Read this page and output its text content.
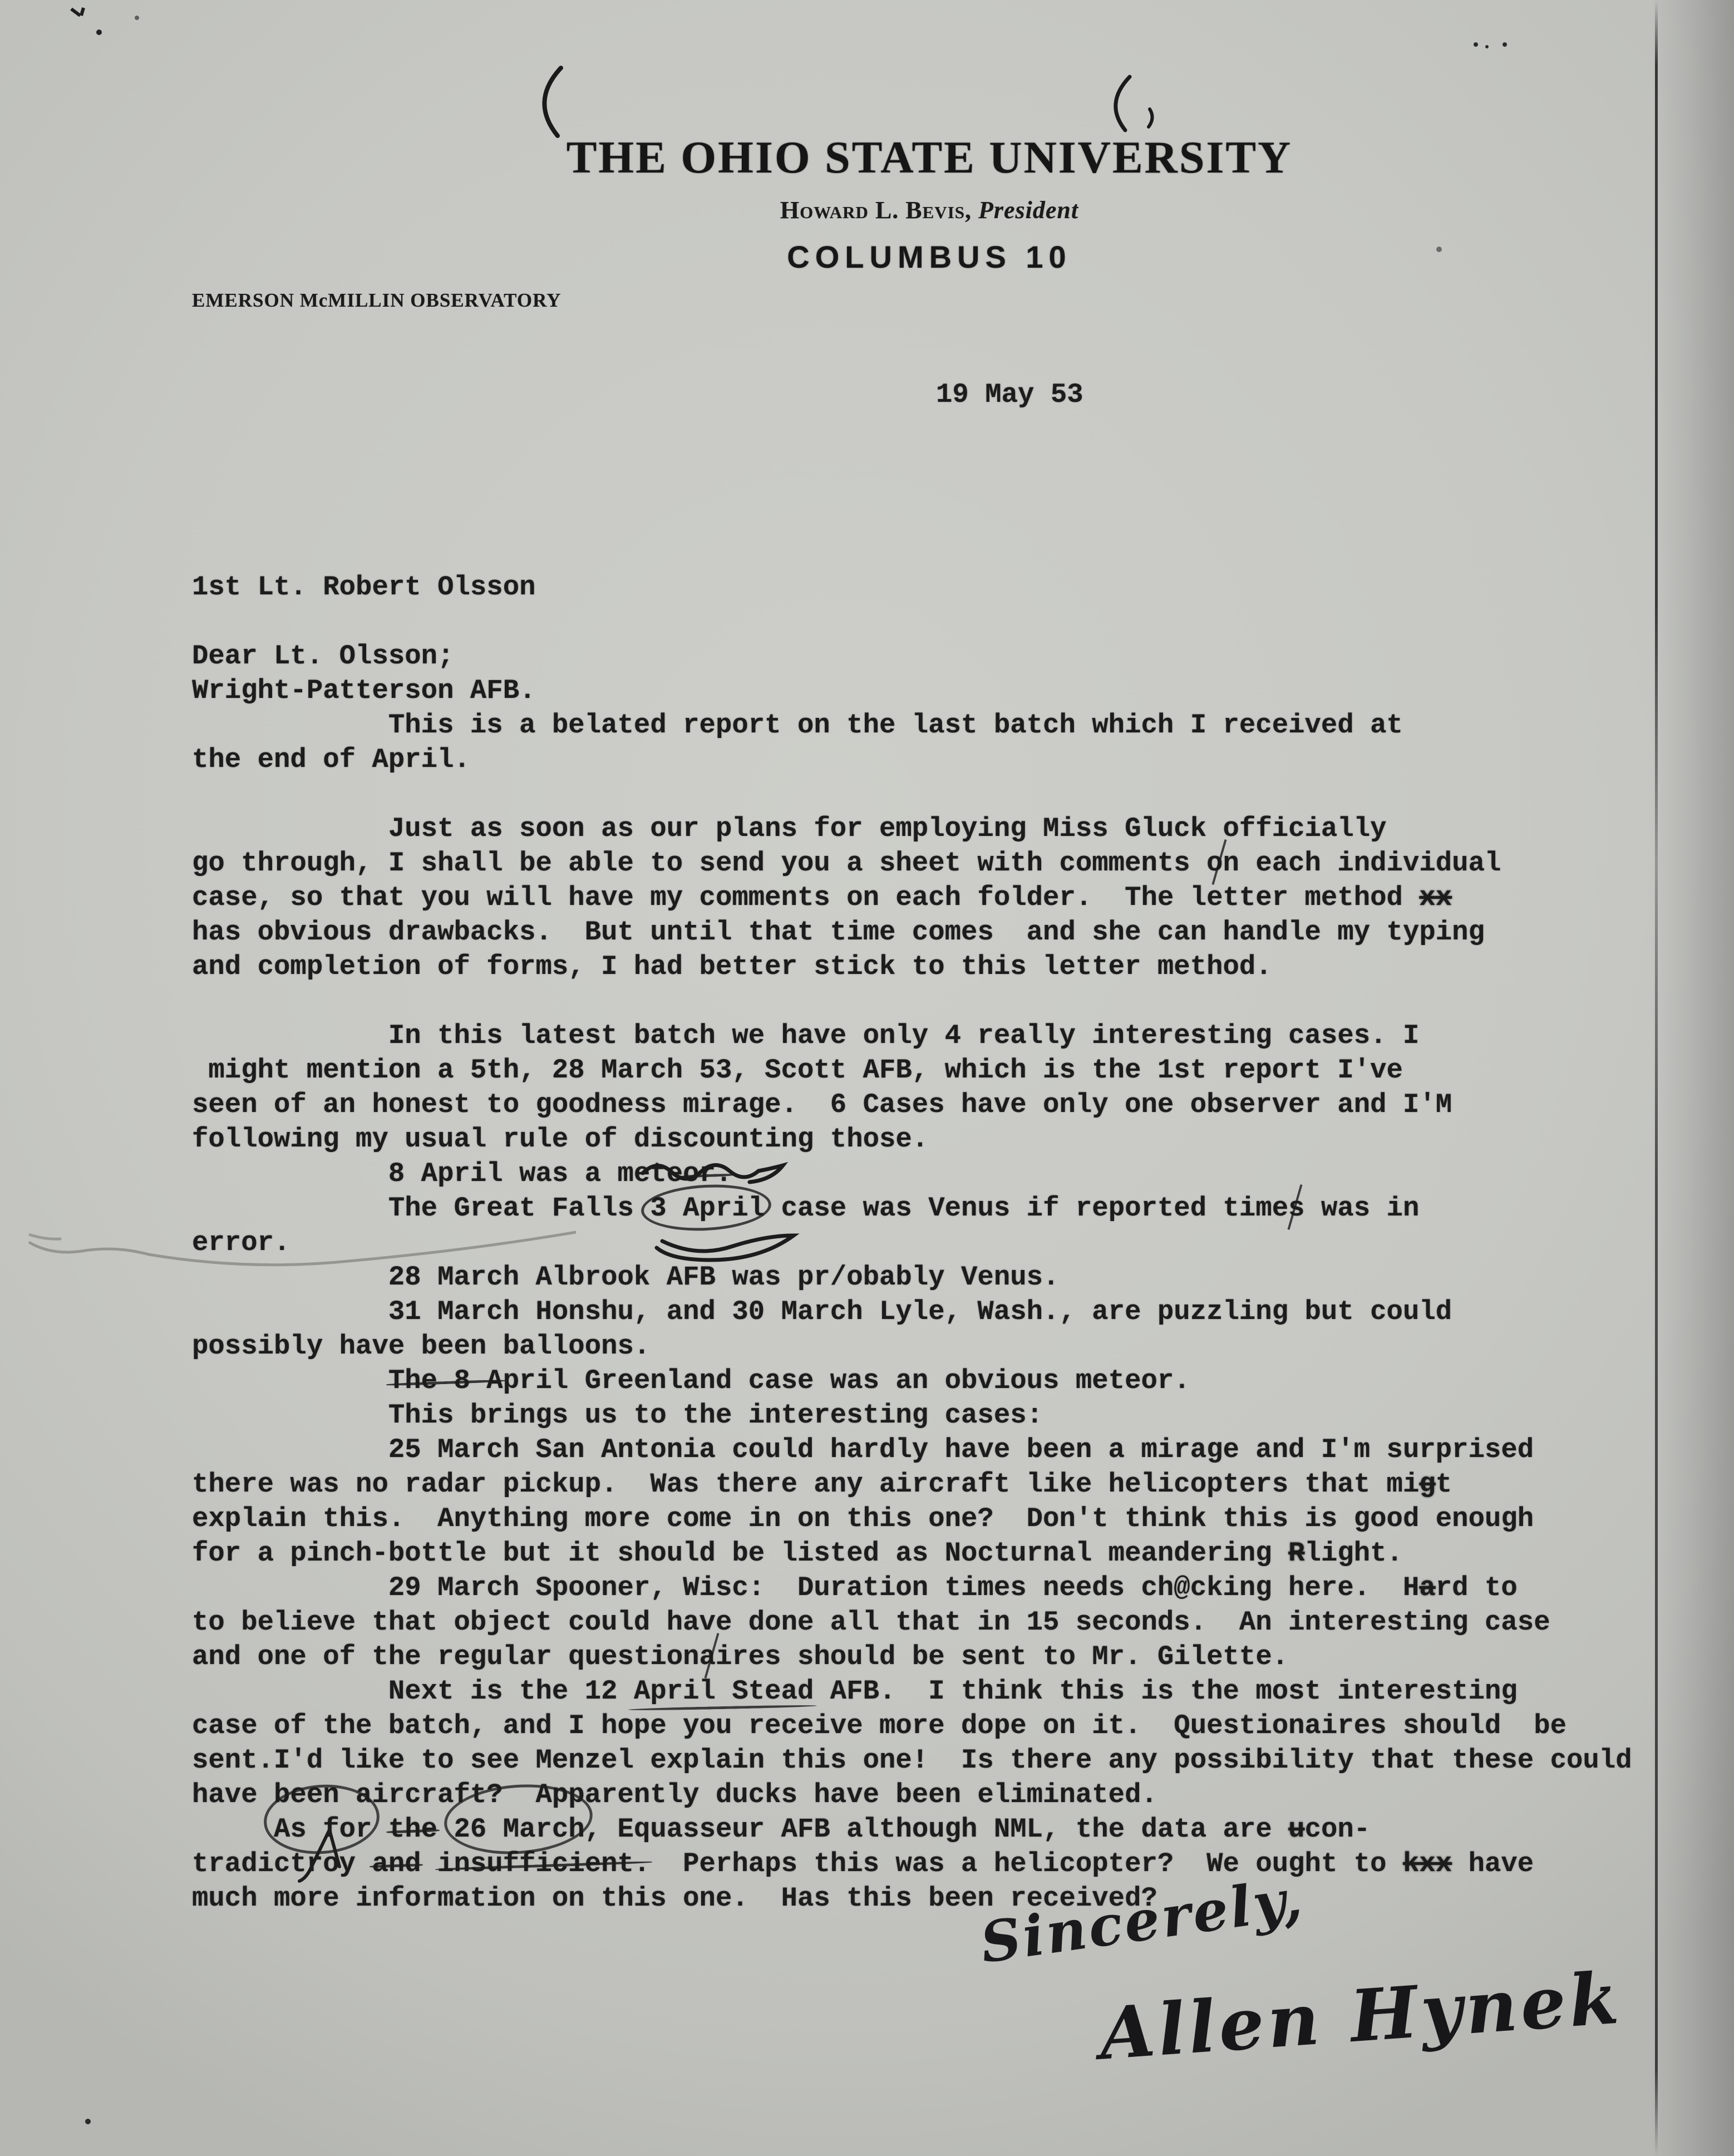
THE OHIO STATE UNIVERSITY
Howard L. Bevis, President
COLUMBUS 10
EMERSON McMILLIN OBSERVATORY
19 May 53

1st Lt. Robert Olsson

Wright-Patterson AFB.

Dear Lt. Olsson;
This is a belated report on the last batch which I received at
the end of April.

Just as soon as our plans for employing Miss Gluck officially
go through, I shall be able to send you a sheet with comments on each individual
case, so that you will have my comments on each folder.  The letter method xx
has obvious drawbacks.  But until that time comes  and she can handle my typing
and completion of forms, I had better stick to this letter method.

In this latest batch we have only 4 really interesting cases. I
might mention a 5th, 28 March 53, Scott AFB, which is the 1st report I've
seen of an honest to goodness mirage.  6 Cases have only one observer and I'M
following my usual rule of discounting those.
8 April was a meteor.
The Great Falls 3 April case was Venus if reported times was in
error.
28 March Albrook AFB was pr/obably Venus.
31 March Honshu, and 30 March Lyle, Wash., are puzzling but could
possibly have been balloons.
The 8 April Greenland case was an obvious meteor.
This brings us to the interesting cases:
25 March San Antonia could hardly have been a mirage and I'm surprised
there was no radar pickup.  Was there any aircraft like helicopters that migt
explain this.  Anything more come in on this one?  Don't think this is good enough
for a pinch-bottle but it should be listed as Nocturnal meandering Rlight.
29 March Spooner, Wisc:  Duration times needs ch@cking here.  Hard to
to believe that object could have done all that in 15 seconds.  An interesting case
and one of the regular questionaires should be sent to Mr. Gilette.
Next is the 12 April Stead AFB.  I think this is the most interesting
case of the batch, and I hope you receive more dope on it.  Questionaires should  be
sent.I'd like to see Menzel explain this one!  Is there any possibility that these could
have been aircraft?  Apparently ducks have been eliminated.
As for the 26 March, Equasseur AFB although NML, the data are ucon-
tradictroy and insufficient.  Perhaps this was a helicopter?  We ought to kxx have
much more information on this one.  Has this been received?
Sincerely,
Allen Hynek
